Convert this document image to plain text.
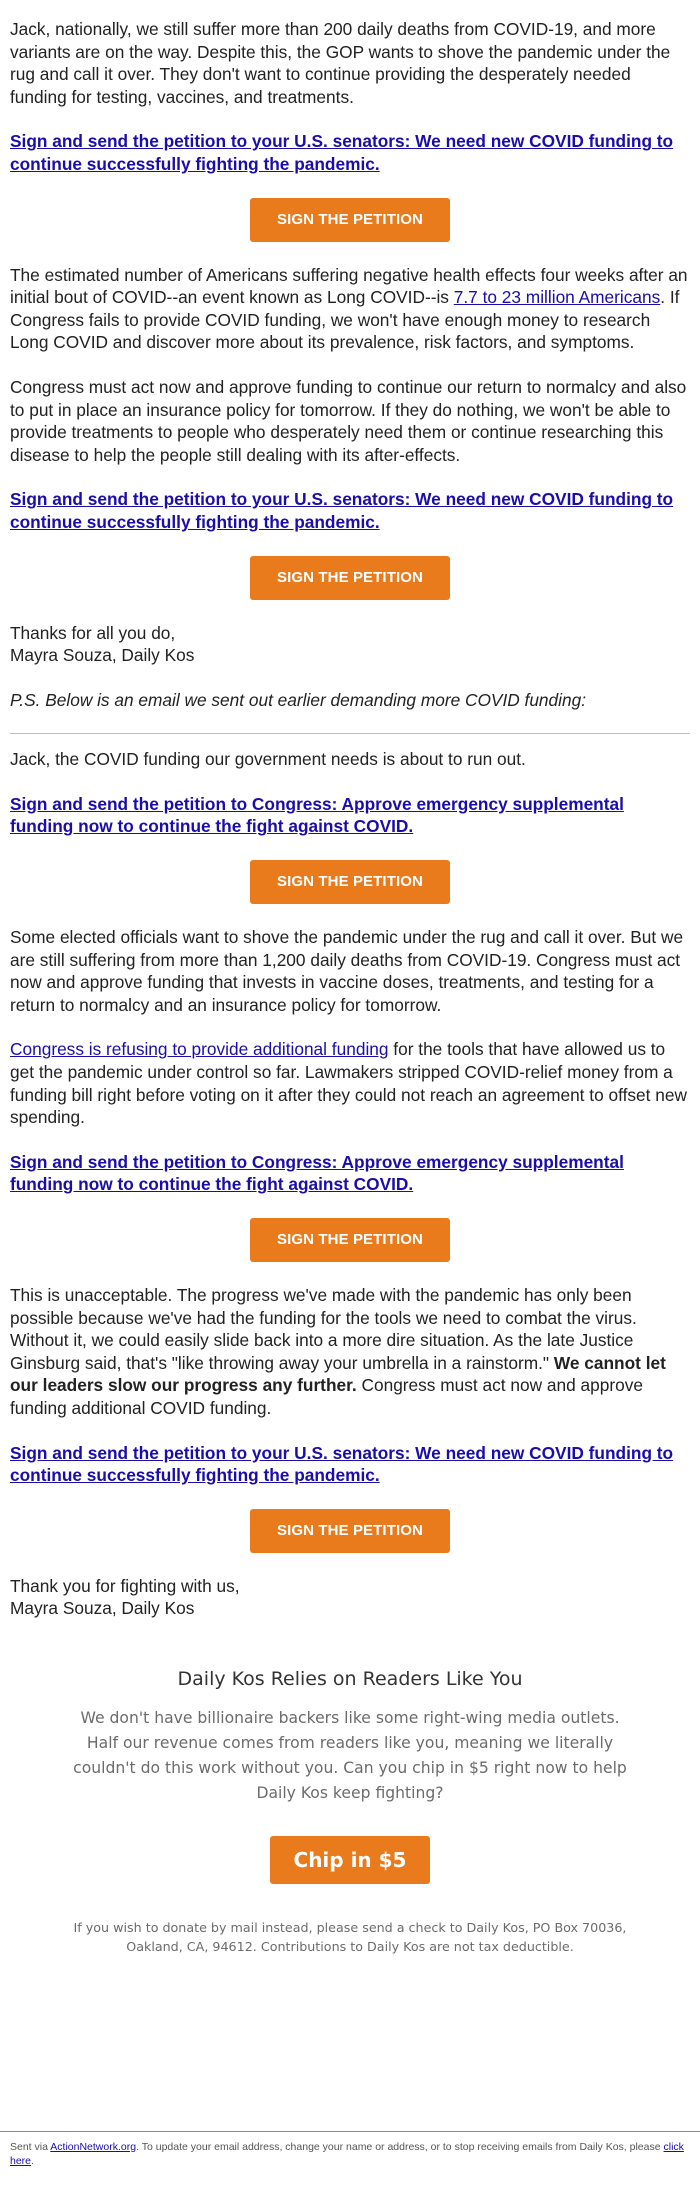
Jack, nationally, we still suffer more than 200 daily deaths from COVID-19, and more variants are on the way. Despite this, the GOP wants to shove the pandemic under the rug and call it over. They don't want to continue providing the desperately needed funding for testing, vaccines, and treatments.

Sign and send the petition to your U.S. senators: We need new COVID funding to continue successfully fighting the pandemic.
SIGN THE PETITION

The estimated number of Americans suffering negative health effects four weeks after an initial bout of COVID--an event known as Long COVID--is 7.7 to 23 million Americans. If Congress fails to provide COVID funding, we won't have enough money to research Long COVID and discover more about its prevalence, risk factors, and symptoms.

Congress must act now and approve funding to continue our return to normalcy and also to put in place an insurance policy for tomorrow. If they do nothing, we won't be able to provide treatments to people who desperately need them or continue researching this disease to help the people still dealing with its after-effects.

Sign and send the petition to your U.S. senators: We need new COVID funding to continue successfully fighting the pandemic.
SIGN THE PETITION
Thanks for all you do,
Mayra Souza, Daily Kos

P.S. Below is an email we sent out earlier demanding more COVID funding:

Jack, the COVID funding our government needs is about to run out.

Sign and send the petition to Congress: Approve emergency supplemental funding now to continue the fight against COVID.
SIGN THE PETITION

Some elected officials want to shove the pandemic under the rug and call it over. But we are still suffering from more than 1,200 daily deaths from COVID-19. Congress must act now and approve funding that invests in vaccine doses, treatments, and testing for a return to normalcy and an insurance policy for tomorrow.

Congress is refusing to provide additional funding for the tools that have allowed us to get the pandemic under control so far. Lawmakers stripped COVID-relief money from a funding bill right before voting on it after they could not reach an agreement to offset new spending.

Sign and send the petition to Congress: Approve emergency supplemental funding now to continue the fight against COVID.
SIGN THE PETITION

This is unacceptable. The progress we've made with the pandemic has only been possible because we've had the funding for the tools we need to combat the virus. Without it, we could easily slide back into a more dire situation. As the late Justice Ginsburg said, that's "like throwing away your umbrella in a rainstorm." We cannot let our leaders slow our progress any further. Congress must act now and approve funding additional COVID funding.

Sign and send the petition to your U.S. senators: We need new COVID funding to continue successfully fighting the pandemic.
SIGN THE PETITION
Thank you for fighting with us,
Mayra Souza, Daily Kos
Daily Kos Relies on Readers Like You

We don't have billionaire backers like some right-wing media outlets. Half our revenue comes from readers like you, meaning we literally couldn't do this work without you. Can you chip in $5 right now to help Daily Kos keep fighting?

Chip in $5

If you wish to donate by mail instead, please send a check to Daily Kos, PO Box 70036, Oakland, CA, 94612. Contributions to Daily Kos are not tax deductible.

Sent via ActionNetwork.org. To update your email address, change your name or address, or to stop receiving emails from Daily Kos, please click here.
